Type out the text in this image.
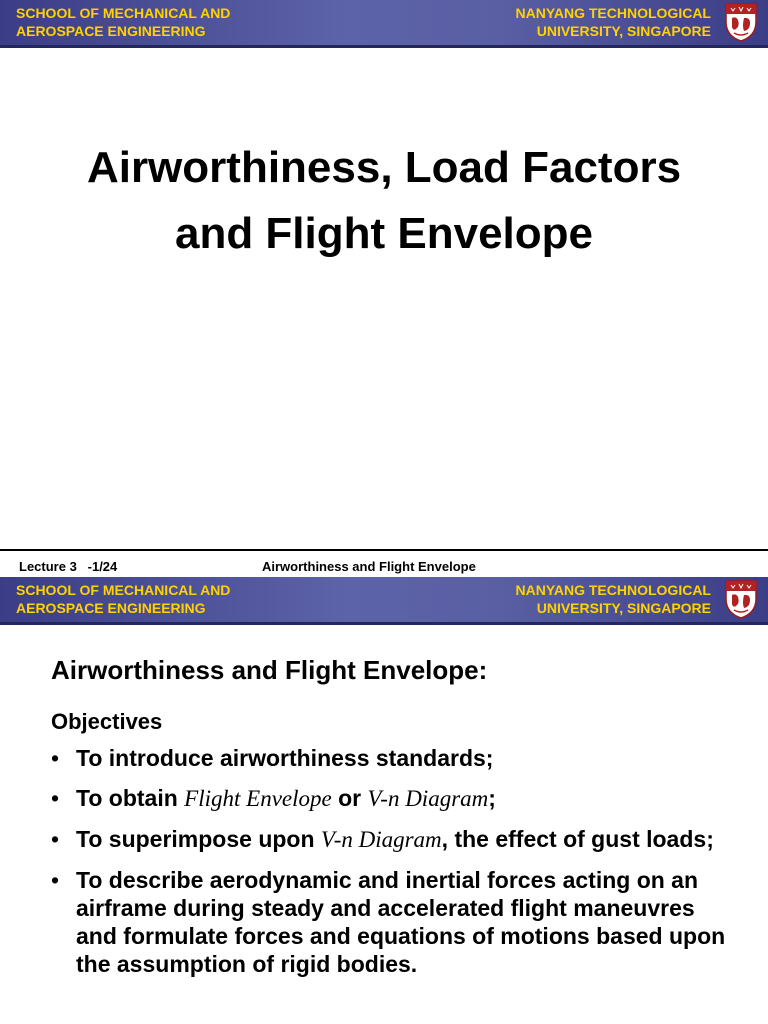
SCHOOL OF MECHANICAL AND
AEROSPACE ENGINEERING
NANYANG TECHNOLOGICAL
UNIVERSITY, SINGAPORE
Airworthiness, Load Factors
and Flight Envelope
Lecture 3   -1/24	Airworthiness and Flight Envelope
SCHOOL OF MECHANICAL AND
AEROSPACE ENGINEERING
NANYANG TECHNOLOGICAL
UNIVERSITY, SINGAPORE
Airworthiness and Flight Envelope:
Objectives
• To introduce airworthiness standards;
• To obtain Flight Envelope or V-n Diagram;
• To superimpose upon V-n Diagram, the effect of gust loads;
• To describe aerodynamic and inertial forces acting on an airframe during steady and accelerated flight maneuvres and formulate forces and equations of motions based upon the assumption of rigid bodies.
